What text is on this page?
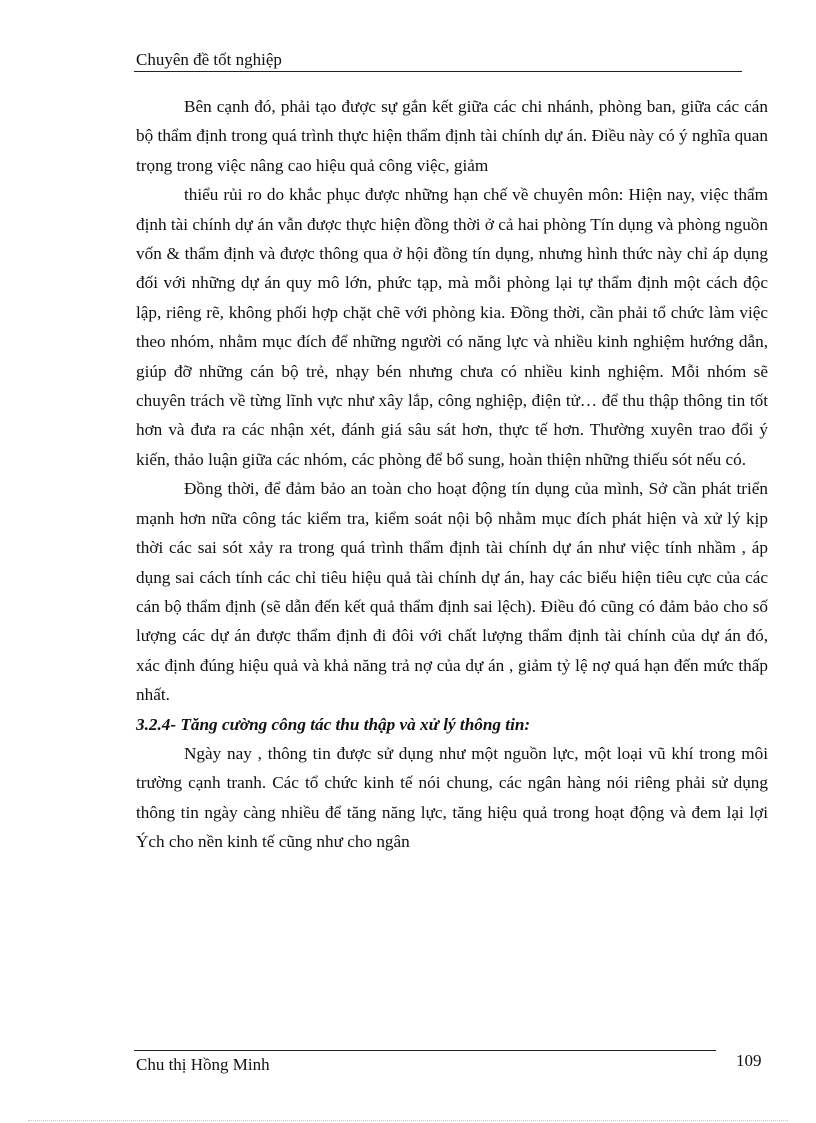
Chuyên đề tốt nghiệp

Bên cạnh đó, phải tạo được sự gắn kết giữa các chi nhánh, phòng ban, giữa các cán bộ thẩm định trong quá trình thực hiện thẩm định tài chính dự án. Điều này có ý nghĩa quan trọng trong việc nâng cao hiệu quả công việc, giảm

thiểu rủi ro do khắc phục được những hạn chế về chuyên môn: Hiện nay, việc thẩm định tài chính dự án vẫn được thực hiện đồng thời ở cả hai phòng Tín dụng và phòng nguồn vốn & thẩm định và được thông qua ở hội đồng tín dụng, nhưng hình thức này chỉ áp dụng đối với những dự án quy mô lớn, phức tạp, mà mỗi phòng lại tự thẩm định một cách độc lập, riêng rẽ, không phối hợp chặt chẽ với phòng kia. Đồng thời, cần phải tổ chức làm việc theo nhóm, nhằm mục đích để những người có năng lực và nhiều kinh nghiệm hướng dẫn, giúp đỡ những cán bộ trẻ, nhạy bén nhưng chưa có nhiều kinh nghiệm. Mỗi nhóm sẽ chuyên trách về từng lĩnh vực như xây lắp, công nghiệp, điện tử… để thu thập thông tin tốt hơn và đưa ra các nhận xét, đánh giá sâu sát hơn, thực tế hơn. Thường xuyên trao đổi ý kiến, thảo luận giữa các nhóm, các phòng để bổ sung, hoàn thiện những thiếu sót nếu có.

Đồng thời, để đảm bảo an toàn cho hoạt động tín dụng của mình, Sở cần phát triển mạnh hơn nữa công tác kiểm tra, kiểm soát nội bộ nhằm mục đích phát hiện và xử lý kịp thời các sai sót xảy ra trong quá trình thẩm định tài chính dự án như việc tính nhầm , áp dụng sai cách tính các chỉ tiêu hiệu quả tài chính dự án, hay các biểu hiện tiêu cực của các cán bộ thẩm định (sẽ dẫn đến kết quả thẩm định sai lệch). Điều đó cũng có đảm bảo cho số lượng các dự án được thẩm định đi đôi với chất lượng thẩm định tài chính của dự án đó, xác định đúng hiệu quả và khả năng trả nợ của dự án , giảm tỷ lệ nợ quá hạn đến mức thấp nhất.

3.2.4- Tăng cường công tác thu thập và xử lý thông tin:

Ngày nay , thông tin được sử dụng như một nguồn lực, một loại vũ khí trong môi trường cạnh tranh. Các tổ chức kinh tế nói chung, các ngân hàng nói riêng phải sử dụng thông tin ngày càng nhiều để tăng năng lực, tăng hiệu quả trong hoạt động và đem lại lợi Ých cho nền kinh tế cũng như cho ngân

Chu thị Hồng Minh	109
